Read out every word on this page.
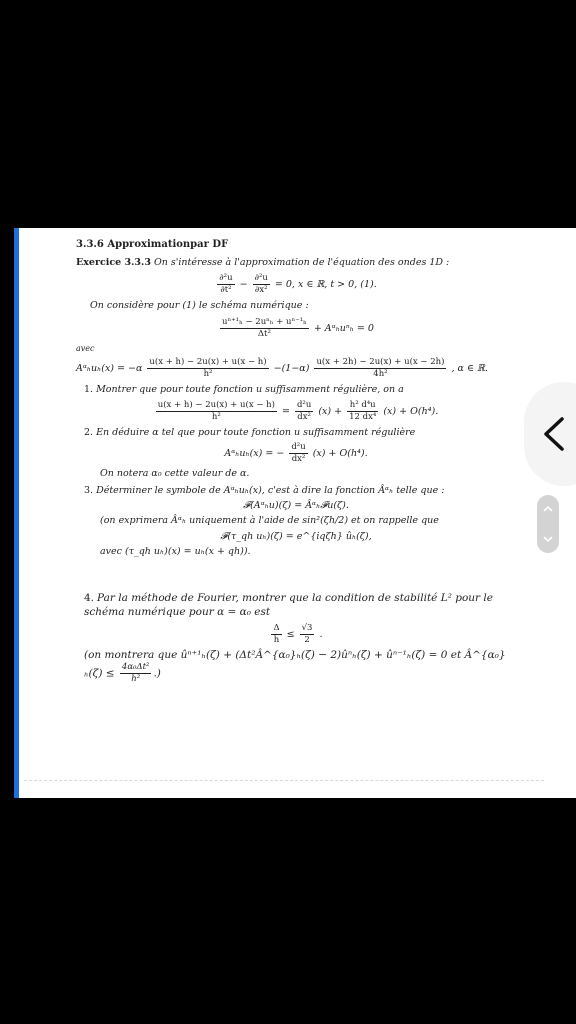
3.3.6 Approximationpar DF
Exercice 3.3.3 On s'intéresse à l'approximation de l'équation des ondes 1D :
$\frac{\text{∂²u}}{\text{∂t²}} - \frac{\text{∂²u}}{\text{∂x²}} = 0$, x ∈ ℝ, t > 0, (1).
On considère pour (1) le schéma numérique :
$\frac{\text{uⁿ⁺¹ₕ − 2uⁿₕ + uⁿ⁻¹ₕ}}{\text{Δt²}}$ + Aᵅₕuⁿₕ = 0
avec
Aᵅₕuₕ(x) = $-\alpha \frac{u(x + h) - 2u(x) + u(x - h)}{\text{h²}} -(1-\alpha) \frac{u(x + 2h) - 2u(x) + u(x - 2h)}{\text{4h²}}$ , α ∈ ℝ.
1. Montrer que pour toute fonction u suffisamment régulière, on a
$\frac{u(x + h) - 2u(x) + u(x - h)}{\text{h²}} = \frac{\text{d²u}}{\text{dx²}} (x) + \frac{\text{h² d⁴u}}{\text{12 dx⁴}} (x) + O(h^4)$.
2. En déduire α tel que pour toute fonction u suffisamment régulière
Aᵅₕuₕ(x) = − $\frac{\text{d²u}}{\text{dx²}} (x) + O(h^4)$.
On notera α₀ cette valeur de α.
3. Déterminer le symbole de Aᵅₕuₕ(x), c'est à dire la fonction Âᵅₕ telle que :
𝓕(Aᵅₕu)(ζ) = Âᵅₕ𝓕u(ζ).
(on exprimera Âᵅₕ uniquement à l'aide de sin²(ζh/2) et on rappelle que
𝓕(τ_qh uₕ)(ζ) = e^{iqζh} ûₕ(ζ),
avec (τ_qh uₕ)(x) = uₕ(x + qh)).
4. Par la méthode de Fourier, montrer que la condition de stabilité L² pour le schéma numérique pour α = α₀ est
$\frac{\Delta}{h} \le \frac{√3}{2}$ .
(on montrera que ûⁿ⁺¹ₕ(ζ) + (Δt²Â^{α₀}ₕ(ζ) − 2)ûⁿₕ(ζ) + ûⁿ⁻¹ₕ(ζ) = 0 et Â^{α₀}ₕ(ζ) ≤ $\frac{\text{4α₀Δt²}}{\text{h²}}$ .)
